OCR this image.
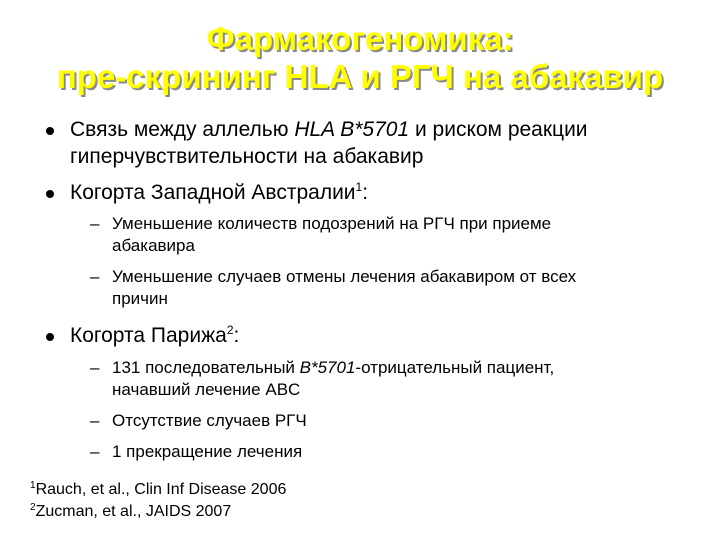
Фармакогеномика:
пре-скрининг HLA и РГЧ на абакавир
Связь между аллелью HLA B*5701 и риском реакции
гиперчувствительности на абакавир
Когорта Западной Австралии$^1$:
– Уменьшение количеств подозрений на РГЧ при приеме
абакавира
– Уменьшение случаев отмены лечения абакавиром от всех
причин
Когорта Парижа$^2$:
– 131 последовательный B*5701-отрицательный пациент,
начавший лечение ABC
– Отсутствие случаев РГЧ
– 1 прекращение лечения
$^1$Rauch, et al., Clin Inf Disease 2006
$^2$Zucman, et al., JAIDS 2007
